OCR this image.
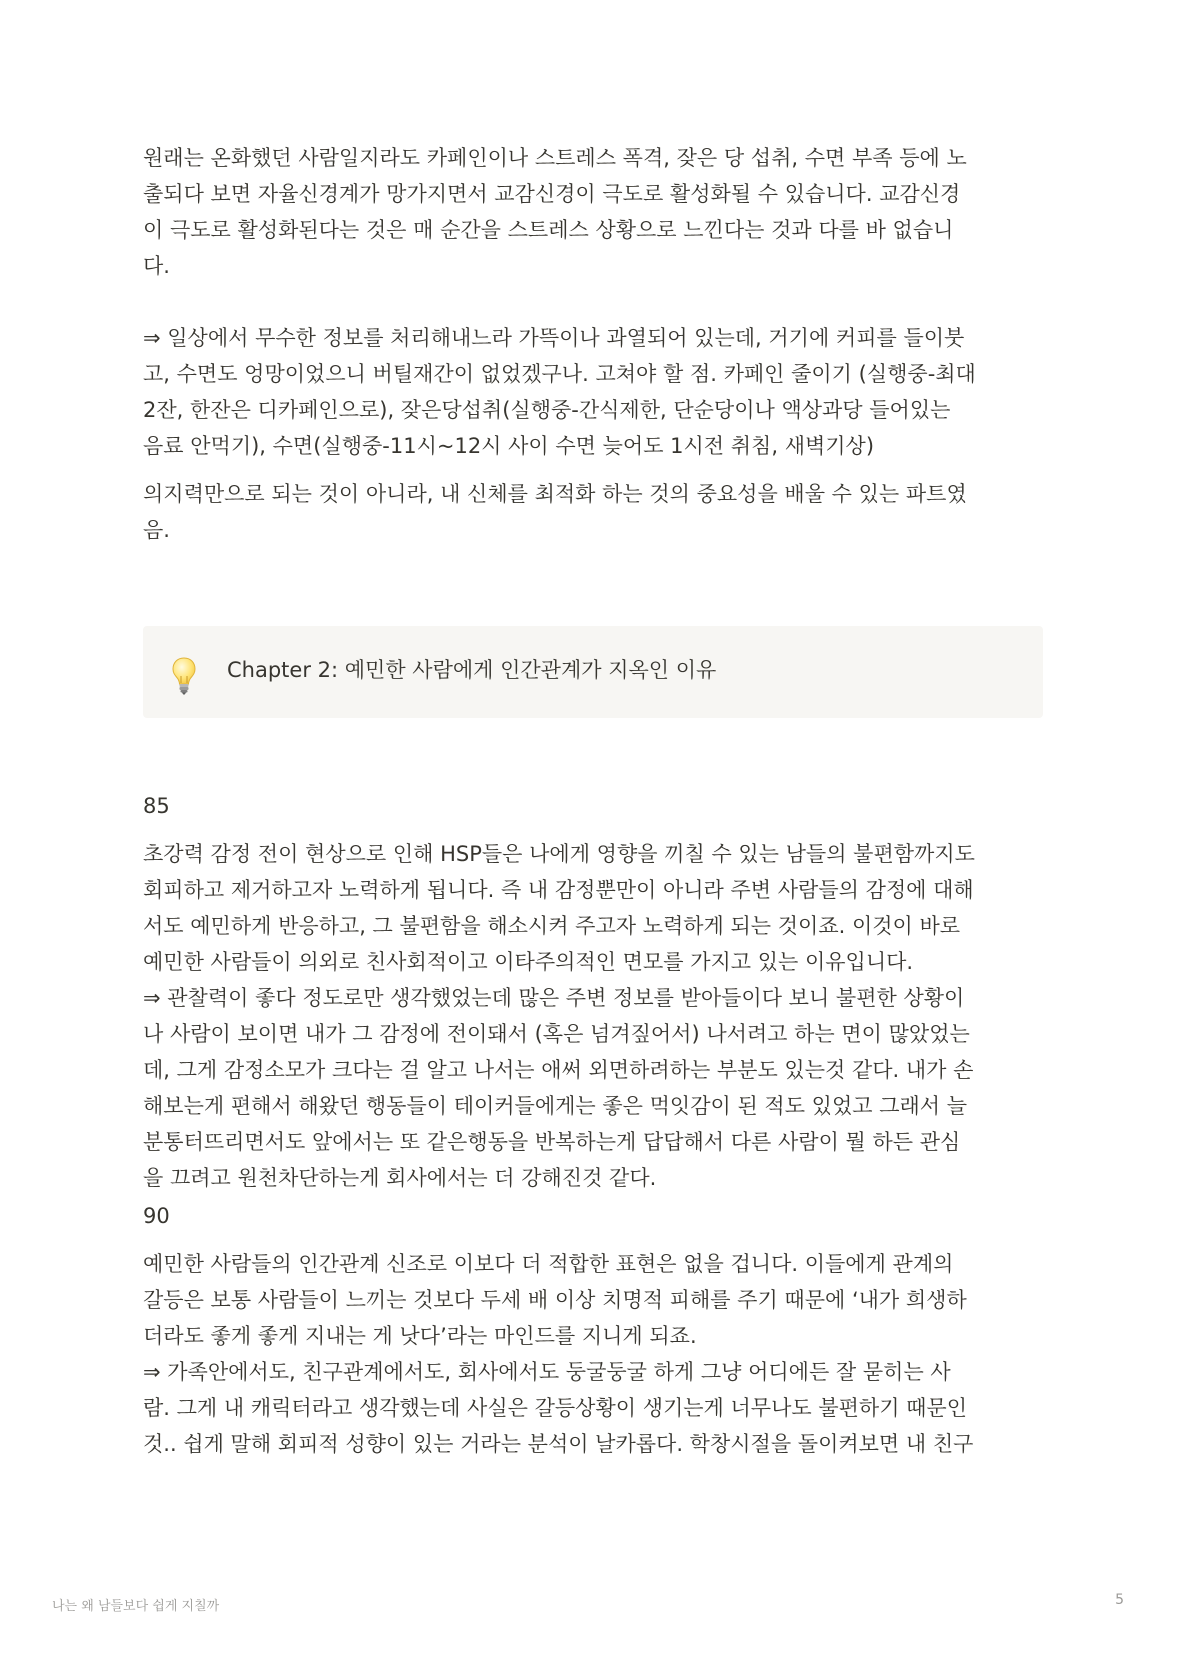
원래는 온화했던 사람일지라도 카페인이나 스트레스 폭격, 잦은 당 섭취, 수면 부족 등에 노
출되다 보면 자율신경계가 망가지면서 교감신경이 극도로 활성화될 수 있습니다. 교감신경
이 극도로 활성화된다는 것은 매 순간을 스트레스 상황으로 느낀다는 것과 다를 바 없습니
다.

⇒ 일상에서 무수한 정보를 처리해내느라 가뜩이나 과열되어 있는데, 거기에 커피를 들이붓
고, 수면도 엉망이었으니 버틸재간이 없었겠구나. 고쳐야 할 점. 카페인 줄이기 (실행중-최대
2잔, 한잔은 디카페인으로), 잦은당섭취(실행중-간식제한, 단순당이나 액상과당 들어있는
음료 안먹기), 수면(실행중-11시~12시 사이 수면 늦어도 1시전 취침, 새벽기상)

의지력만으로 되는 것이 아니라, 내 신체를 최적화 하는 것의 중요성을 배울 수 있는 파트였
음.

Chapter 2: 예민한 사람에게 인간관계가 지옥인 이유

85

초강력 감정 전이 현상으로 인해 HSP들은 나에게 영향을 끼칠 수 있는 남들의 불편함까지도
회피하고 제거하고자 노력하게 됩니다. 즉 내 감정뿐만이 아니라 주변 사람들의 감정에 대해
서도 예민하게 반응하고, 그 불편함을 해소시켜 주고자 노력하게 되는 것이죠. 이것이 바로
예민한 사람들이 의외로 친사회적이고 이타주의적인 면모를 가지고 있는 이유입니다.
⇒ 관찰력이 좋다 정도로만 생각했었는데 많은 주변 정보를 받아들이다 보니 불편한 상황이
나 사람이 보이면 내가 그 감정에 전이돼서 (혹은 넘겨짚어서) 나서려고 하는 면이 많았었는
데, 그게 감정소모가 크다는 걸 알고 나서는 애써 외면하려하는 부분도 있는것 같다. 내가 손
해보는게 편해서 해왔던 행동들이 테이커들에게는 좋은 먹잇감이 된 적도 있었고 그래서 늘
분통터뜨리면서도 앞에서는 또 같은행동을 반복하는게 답답해서 다른 사람이 뭘 하든 관심
을 끄려고 원천차단하는게 회사에서는 더 강해진것 같다.

90

예민한 사람들의 인간관계 신조로 이보다 더 적합한 표현은 없을 겁니다. 이들에게 관계의
갈등은 보통 사람들이 느끼는 것보다 두세 배 이상 치명적 피해를 주기 때문에 ‘내가 희생하
더라도 좋게 좋게 지내는 게 낫다’라는 마인드를 지니게 되죠.
⇒ 가족안에서도, 친구관계에서도, 회사에서도 둥굴둥굴 하게 그냥 어디에든 잘 묻히는 사
람. 그게 내 캐릭터라고 생각했는데 사실은 갈등상황이 생기는게 너무나도 불편하기 때문인
것.. 쉽게 말해 회피적 성향이 있는 거라는 분석이 날카롭다. 학창시절을 돌이켜보면 내 친구

나는 왜 남들보다 쉽게 지칠까	5
